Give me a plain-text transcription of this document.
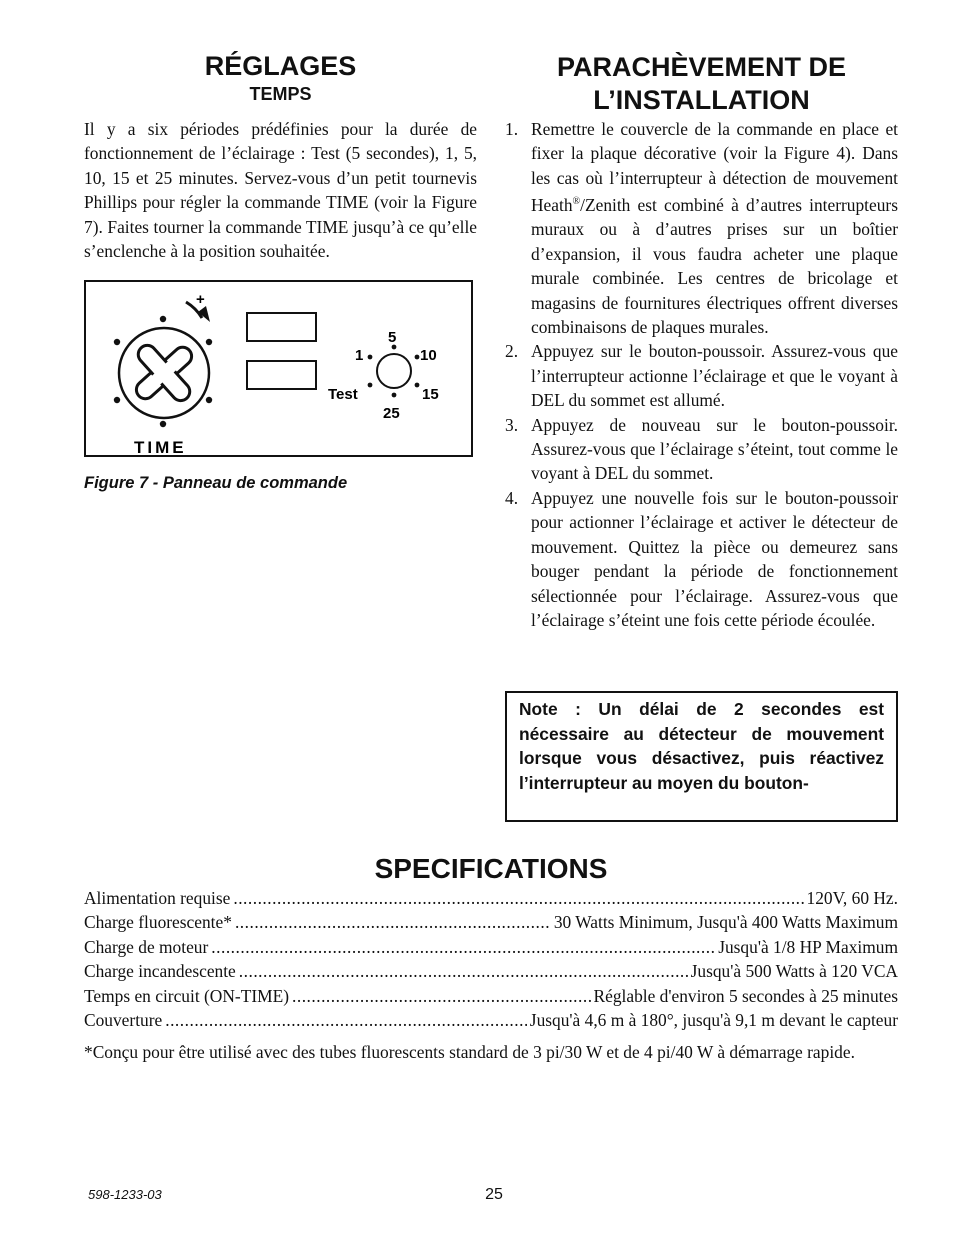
RÉGLAGES
TEMPS

Il y a six périodes prédéfinies pour la durée de fonctionnement de l’éclairage : Test (5 secondes), 1, 5, 10, 15 et 25 minutes. Servez-vous d’un petit tournevis Phillips pour régler la commande TIME (voir la Figure 7). Faites tourner la commande TIME jusqu’à ce qu’elle s’enclenche à la position souhaitée.

+
TIME
5
1	10
Test	15
25

Figure 7 - Panneau de commande

PARACHÈVEMENT DE
L’INSTALLATION
1. Remettre le couvercle de la commande en place et fixer la plaque décorative (voir la Figure 4). Dans les cas où l’interrupteur à détection de mouvement Heath®/Zenith est combiné à d’autres interrupteurs muraux ou à d’autres prises sur un boîtier d’expansion, il vous faudra acheter une plaque murale combinée. Les centres de bricolage et magasins de fournitures électriques offrent diverses combinaisons de plaques murales.
2. Appuyez sur le bouton-poussoir. Assurez-vous que l’interrupteur actionne l’éclairage et que le voyant à DEL du sommet est allumé.
3. Appuyez de nouveau sur le bouton-poussoir. Assurez-vous que l’éclairage s’éteint, tout comme le voyant à DEL du sommet.
4. Appuyez une nouvelle fois sur le bouton-poussoir pour actionner l’éclairage et activer le détecteur de mouvement. Quittez la pièce ou demeurez sans bouger pendant la période de fonctionnement sélectionnée pour l’éclairage. Assurez-vous que l’éclairage s’éteint une fois cette période écoulée.
Note : Un délai de 2 secondes est nécessaire au détecteur de mouvement lorsque vous désactivez, puis réactivez l’interrupteur au moyen du bouton-
SPECIFICATIONS
Alimentation requise .....	120V, 60 Hz.
Charge fluorescente* .....	30 Watts Minimum, Jusqu'à 400 Watts Maximum
Charge de moteur .....	Jusqu'à 1/8 HP Maximum
Charge incandescente .....	Jusqu'à 500 Watts à 120 VCA
Temps en circuit (ON-TIME) .....	Réglable d'environ 5 secondes à 25 minutes
Couverture .....	Jusqu'à 4,6 m à 180°, jusqu'à 9,1 m devant le capteur

*Conçu pour être utilisé avec des tubes fluorescents standard de 3 pi/30 W et de 4 pi/40 W à démarrage rapide.

598-1233-03	25
